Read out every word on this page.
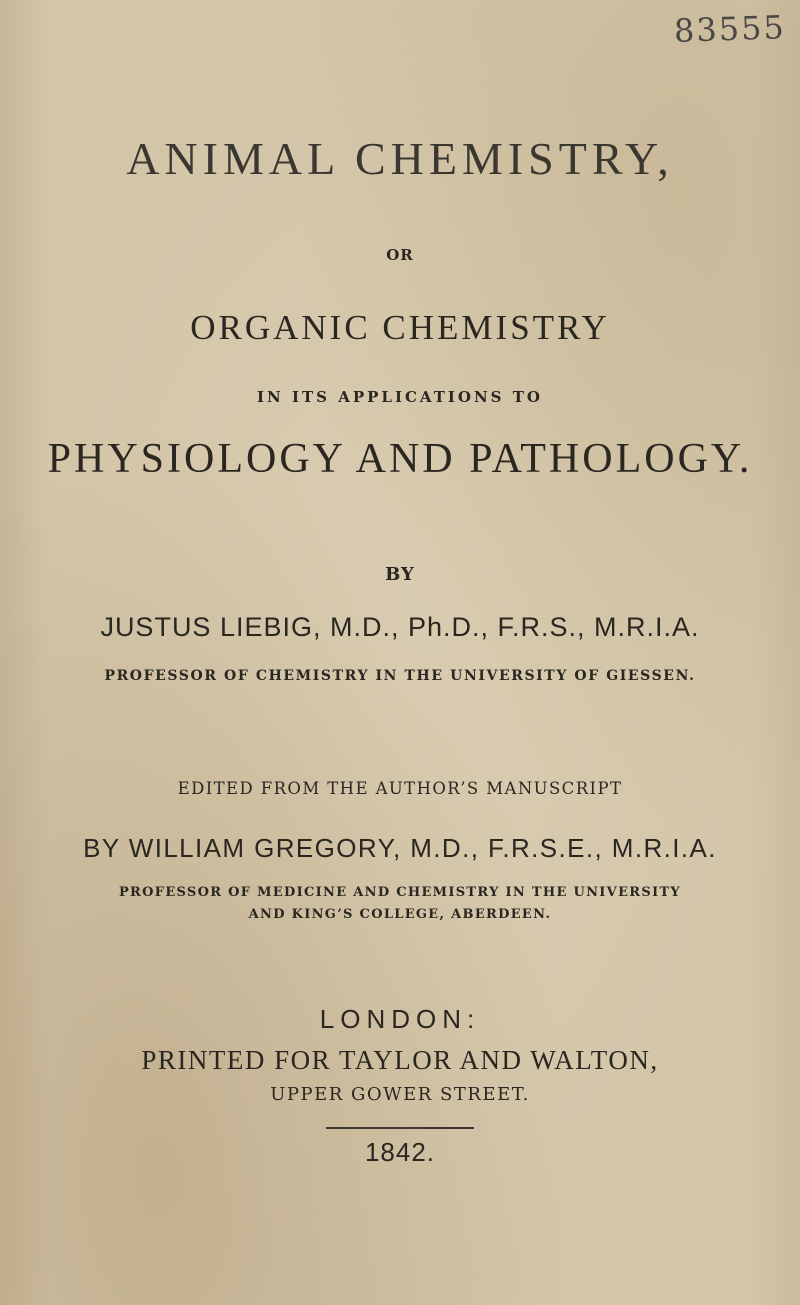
83555
ANIMAL CHEMISTRY,
OR
ORGANIC CHEMISTRY
IN ITS APPLICATIONS TO
PHYSIOLOGY AND PATHOLOGY.
BY
JUSTUS LIEBIG, M.D., Ph.D., F.R.S., M.R.I.A.
PROFESSOR OF CHEMISTRY IN THE UNIVERSITY OF GIESSEN.
EDITED FROM THE AUTHOR’S MANUSCRIPT
BY WILLIAM GREGORY, M.D., F.R.S.E., M.R.I.A.
PROFESSOR OF MEDICINE AND CHEMISTRY IN THE UNIVERSITY
AND KING’S COLLEGE, ABERDEEN.
LONDON:
PRINTED FOR TAYLOR AND WALTON,
UPPER GOWER STREET.
1842.
